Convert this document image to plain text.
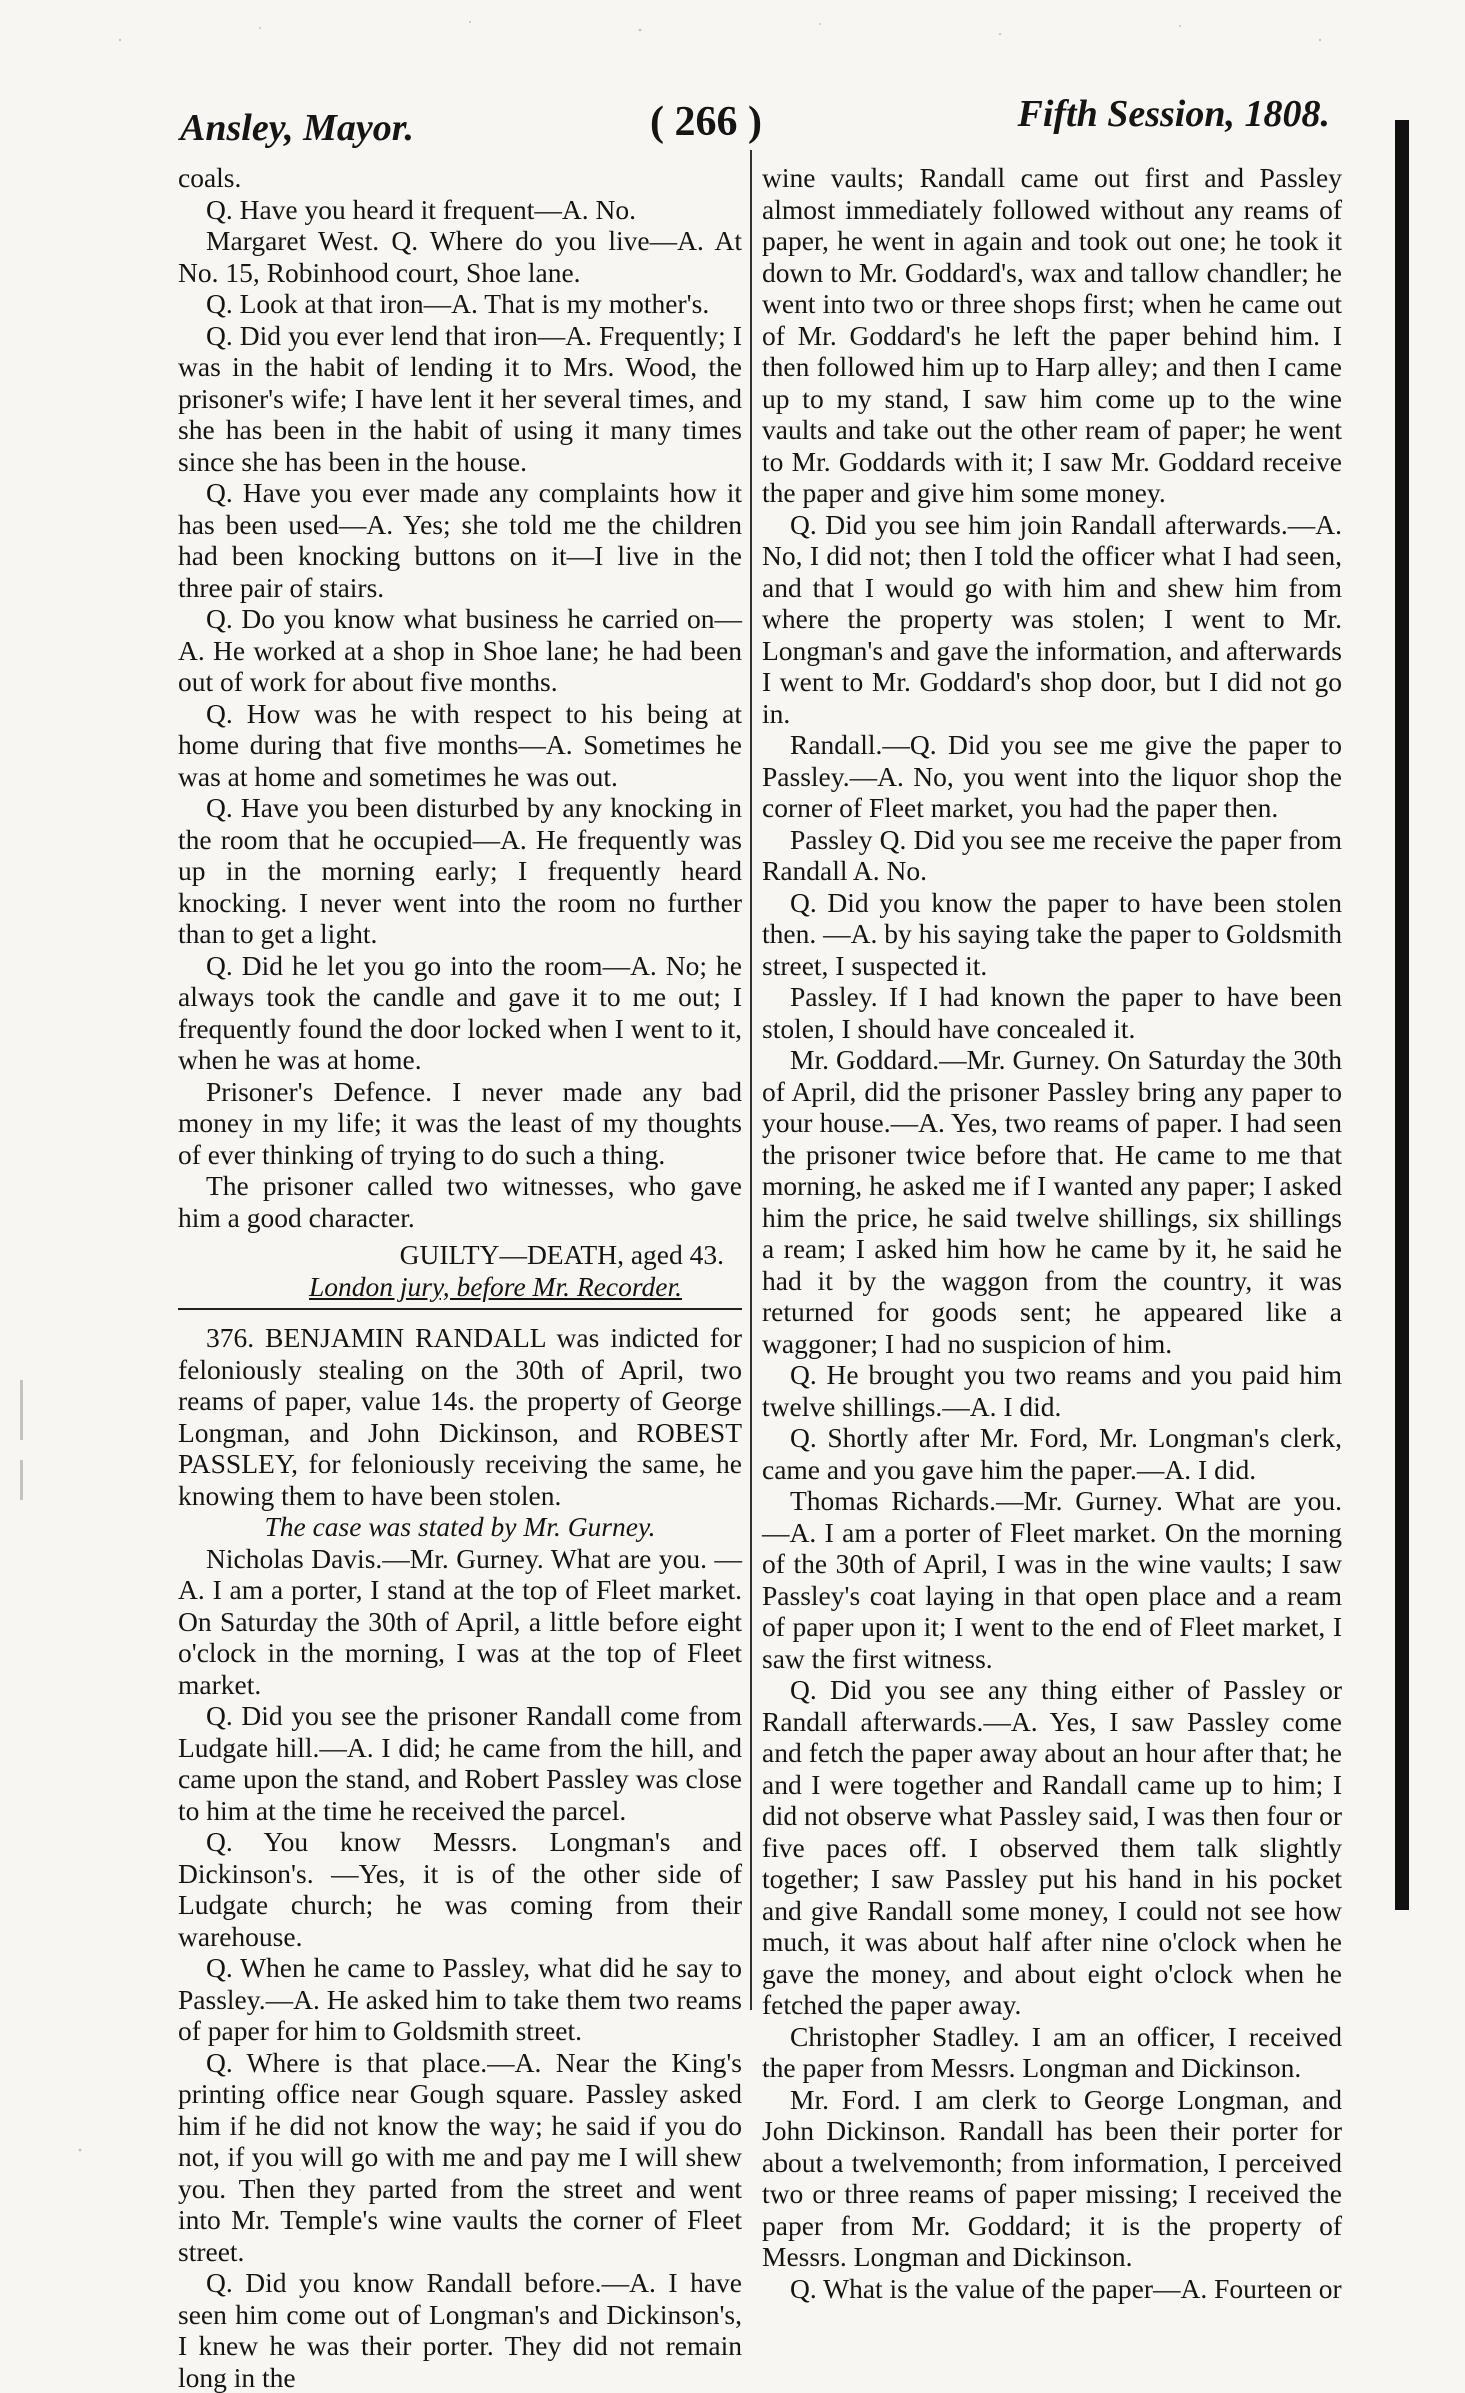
Ansley, Mayor.	( 266 )	Fifth Session, 1808.

coals.

Q. Have you heard it frequent—A. No.

Margaret West. Q. Where do you live—A. At No. 15, Robinhood court, Shoe lane.

Q. Look at that iron—A. That is my mother's.

Q. Did you ever lend that iron—A. Frequently; I was in the habit of lending it to Mrs. Wood, the prisoner's wife; I have lent it her several times, and she has been in the habit of using it many times since she has been in the house.

Q. Have you ever made any complaints how it has been used—A. Yes; she told me the children had been knocking buttons on it—I live in the three pair of stairs.

Q. Do you know what business he carried on—A. He worked at a shop in Shoe lane; he had been out of work for about five months.

Q. How was he with respect to his being at home during that five months—A. Sometimes he was at home and sometimes he was out.

Q. Have you been disturbed by any knocking in the room that he occupied—A. He frequently was up in the morning early; I frequently heard knocking. I never went into the room no further than to get a light.

Q. Did he let you go into the room—A. No; he always took the candle and gave it to me out; I frequently found the door locked when I went to it, when he was at home.

Prisoner's Defence. I never made any bad money in my life; it was the least of my thoughts of ever thinking of trying to do such a thing.

The prisoner called two witnesses, who gave him a good character.

GUILTY—DEATH, aged 43.

London jury, before Mr. Recorder.

376. BENJAMIN RANDALL was indicted for feloniously stealing on the 30th of April, two reams of paper, value 14s. the property of George Longman, and John Dickinson, and ROBEST PASSLEY, for feloniously receiving the same, he knowing them to have been stolen.

The case was stated by Mr. Gurney.

Nicholas Davis.—Mr. Gurney. What are you. —A. I am a porter, I stand at the top of Fleet market. On Saturday the 30th of April, a little before eight o'clock in the morning, I was at the top of Fleet market.

Q. Did you see the prisoner Randall come from Ludgate hill.—A. I did; he came from the hill, and came upon the stand, and Robert Passley was close to him at the time he received the parcel.

Q. You know Messrs. Longman's and Dickinson's. —Yes, it is of the other side of Ludgate church; he was coming from their warehouse.

Q. When he came to Passley, what did he say to Passley.—A. He asked him to take them two reams of paper for him to Goldsmith street.

Q. Where is that place.—A. Near the King's printing office near Gough square. Passley asked him if he did not know the way; he said if you do not, if you will go with me and pay me I will shew you. Then they parted from the street and went into Mr. Temple's wine vaults the corner of Fleet street.

Q. Did you know Randall before.—A. I have seen him come out of Longman's and Dickinson's, I knew he was their porter. They did not remain long in the

wine vaults; Randall came out first and Passley almost immediately followed without any reams of paper, he went in again and took out one; he took it down to Mr. Goddard's, wax and tallow chandler; he went into two or three shops first; when he came out of Mr. Goddard's he left the paper behind him. I then followed him up to Harp alley; and then I came up to my stand, I saw him come up to the wine vaults and take out the other ream of paper; he went to Mr. Goddards with it; I saw Mr. Goddard receive the paper and give him some money.

Q. Did you see him join Randall afterwards.—A. No, I did not; then I told the officer what I had seen, and that I would go with him and shew him from where the property was stolen; I went to Mr. Longman's and gave the information, and afterwards I went to Mr. Goddard's shop door, but I did not go in.

Randall.—Q. Did you see me give the paper to Passley.—A. No, you went into the liquor shop the corner of Fleet market, you had the paper then.

Passley Q. Did you see me receive the paper from Randall A. No.

Q. Did you know the paper to have been stolen then. —A. by his saying take the paper to Goldsmith street, I suspected it.

Passley. If I had known the paper to have been stolen, I should have concealed it.

Mr. Goddard.—Mr. Gurney. On Saturday the 30th of April, did the prisoner Passley bring any paper to your house.—A. Yes, two reams of paper. I had seen the prisoner twice before that. He came to me that morning, he asked me if I wanted any paper; I asked him the price, he said twelve shillings, six shillings a ream; I asked him how he came by it, he said he had it by the waggon from the country, it was returned for goods sent; he appeared like a waggoner; I had no suspicion of him.

Q. He brought you two reams and you paid him twelve shillings.—A. I did.

Q. Shortly after Mr. Ford, Mr. Longman's clerk, came and you gave him the paper.—A. I did.

Thomas Richards.—Mr. Gurney. What are you. —A. I am a porter of Fleet market. On the morning of the 30th of April, I was in the wine vaults; I saw Passley's coat laying in that open place and a ream of paper upon it; I went to the end of Fleet market, I saw the first witness.

Q. Did you see any thing either of Passley or Randall afterwards.—A. Yes, I saw Passley come and fetch the paper away about an hour after that; he and I were together and Randall came up to him; I did not observe what Passley said, I was then four or five paces off. I observed them talk slightly together; I saw Passley put his hand in his pocket and give Randall some money, I could not see how much, it was about half after nine o'clock when he gave the money, and about eight o'clock when he fetched the paper away.

Christopher Stadley. I am an officer, I received the paper from Messrs. Longman and Dickinson.

Mr. Ford. I am clerk to George Longman, and John Dickinson. Randall has been their porter for about a twelvemonth; from information, I perceived two or three reams of paper missing; I received the paper from Mr. Goddard; it is the property of Messrs. Longman and Dickinson.

Q. What is the value of the paper—A. Fourteen or
